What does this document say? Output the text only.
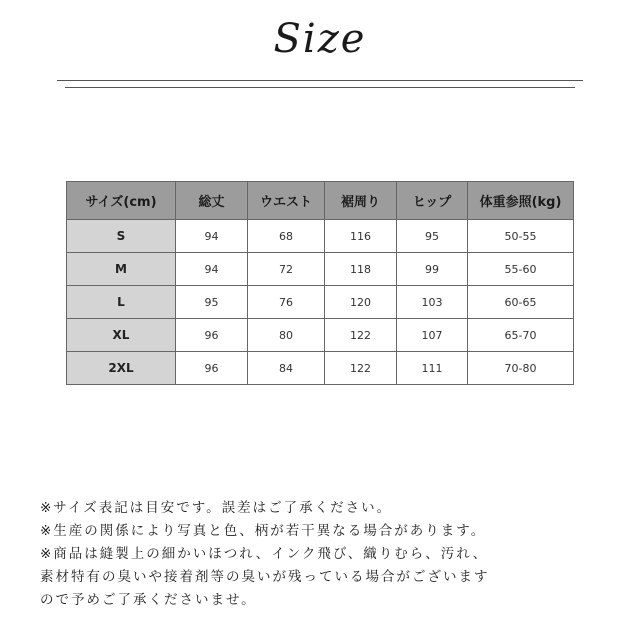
Size
サイズ(cm)	総丈	ウエスト	裾周り	ヒップ	体重参照(kg)
S	94	68	116	95	50-55
M	94	72	118	99	55-60
L	95	76	120	103	60-65
XL	96	80	122	107	65-70
2XL	96	84	122	111	70-80
※サイズ表記は目安です。誤差はご了承ください。
※生産の関係により写真と色、柄が若干異なる場合があります。
※商品は縫製上の細かいほつれ、インク飛び、織りむら、汚れ、
素材特有の臭いや接着剤等の臭いが残っている場合がございます
ので予めご了承くださいませ。
